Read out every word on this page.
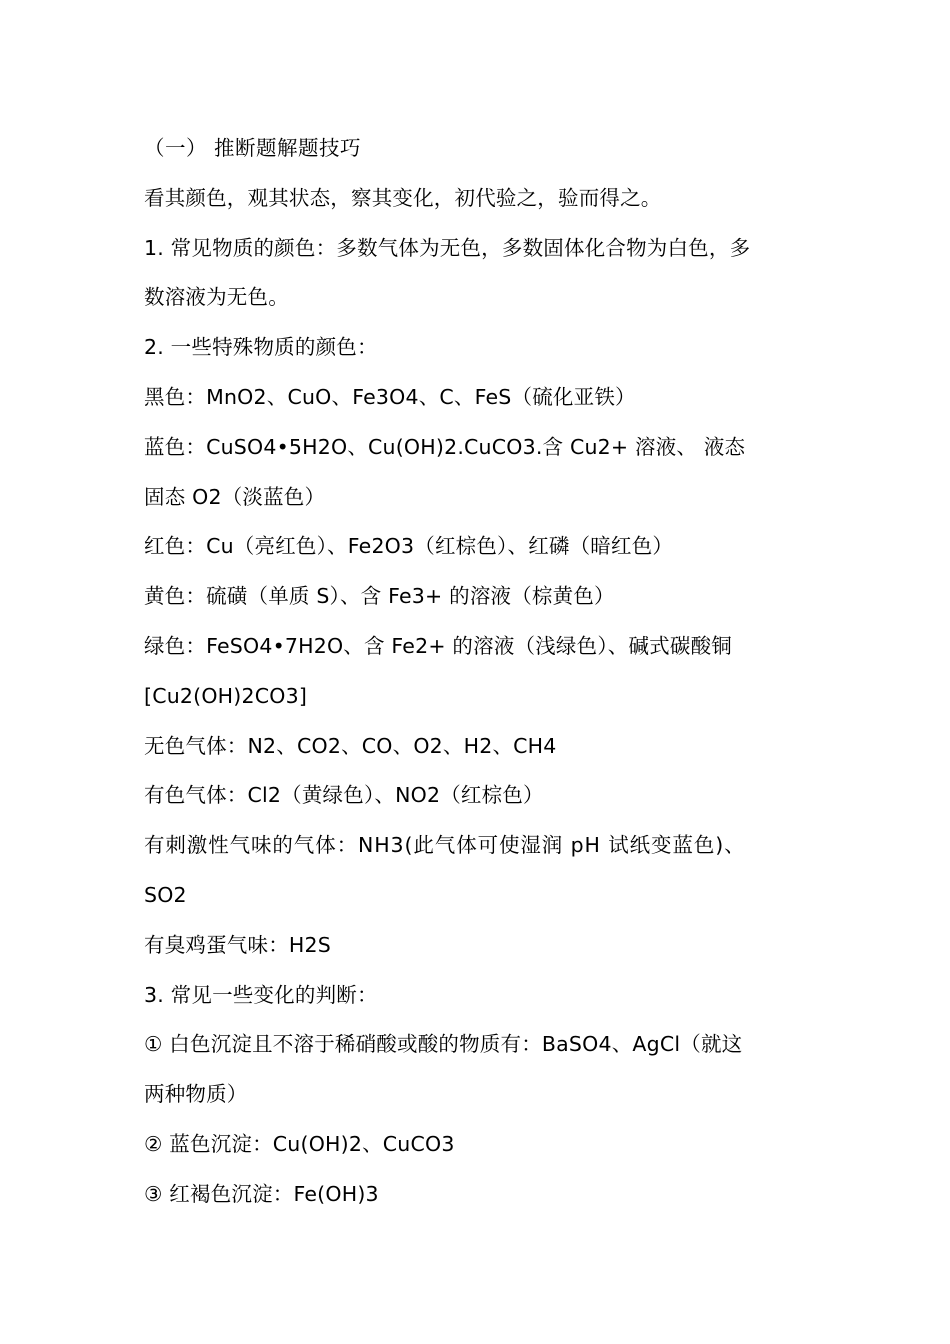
（一） 推断题解题技巧
看其颜色，观其状态，察其变化，初代验之，验而得之。
1. 常见物质的颜色：多数气体为无色，多数固体化合物为白色，多
数溶液为无色。
2. 一些特殊物质的颜色：
黑色：MnO2、CuO、Fe3O4、C、FeS（硫化亚铁）
蓝色：CuSO4•5H2O、Cu(OH)2.CuCO3.含 Cu2+ 溶液、 液态
固态 O2（淡蓝色）
红色：Cu（亮红色）、Fe2O3（红棕色）、红磷（暗红色）
黄色：硫磺（单质 S）、含 Fe3+ 的溶液（棕黄色）
绿色：FeSO4•7H2O、含 Fe2+ 的溶液（浅绿色）、碱式碳酸铜
[Cu2(OH)2CO3]
无色气体：N2、CO2、CO、O2、H2、CH4
有色气体：Cl2（黄绿色）、NO2（红棕色）
有刺激性气味的气体：NH3(此气体可使湿润 pH 试纸变蓝色)、
SO2
有臭鸡蛋气味：H2S
3. 常见一些变化的判断：
① 白色沉淀且不溶于稀硝酸或酸的物质有：BaSO4、AgCl（就这
两种物质）
② 蓝色沉淀：Cu(OH)2、CuCO3
③ 红褐色沉淀：Fe(OH)3
